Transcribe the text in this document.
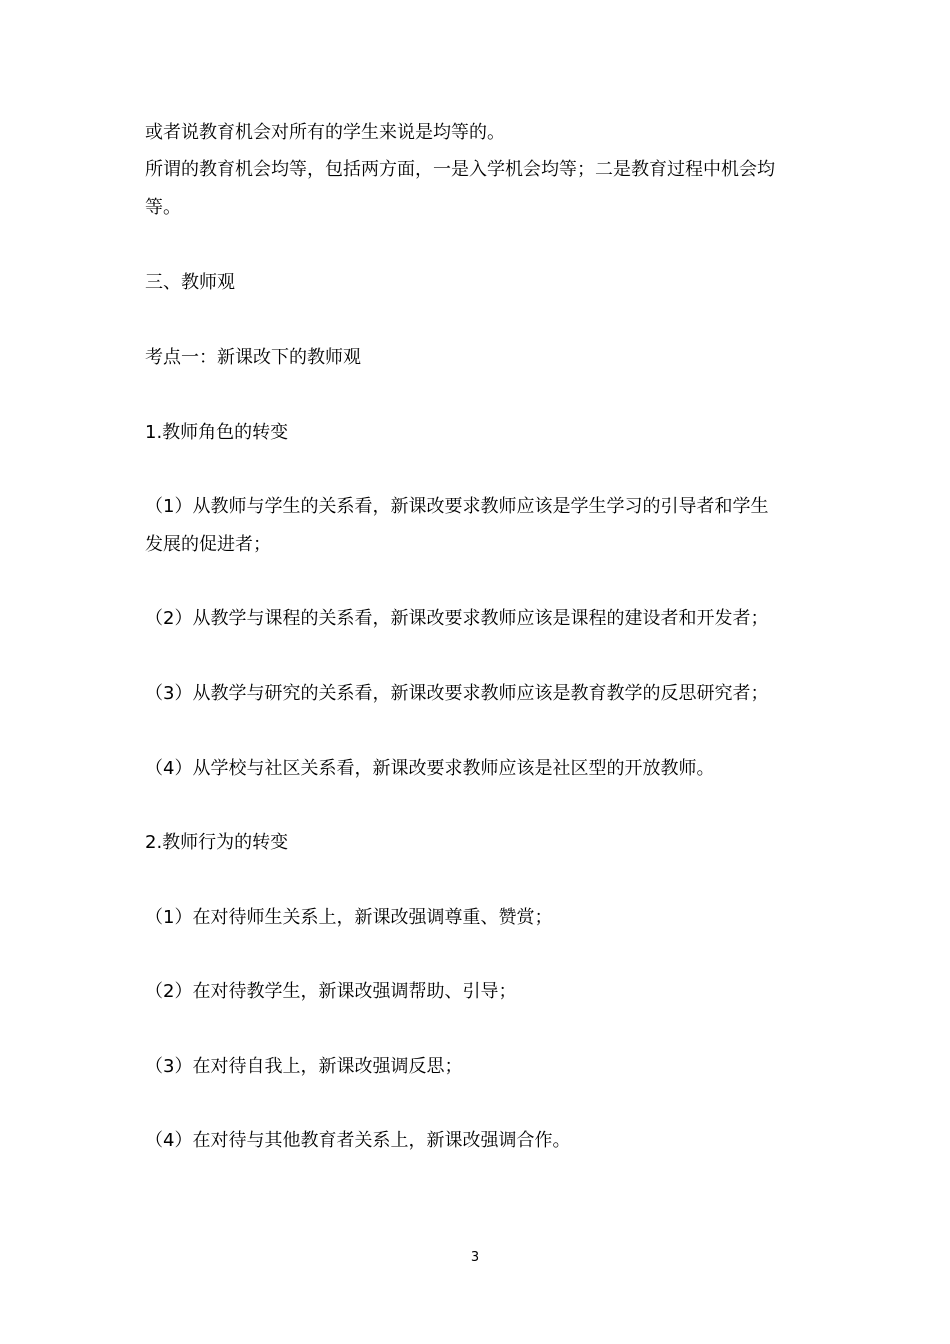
或者说教育机会对所有的学生来说是均等的。
所谓的教育机会均等，包括两方面，一是入学机会均等；二是教育过程中机会均
等。
三、教师观
考点一：新课改下的教师观
1.教师角色的转变
（1）从教师与学生的关系看，新课改要求教师应该是学生学习的引导者和学生
发展的促进者；
（2）从教学与课程的关系看，新课改要求教师应该是课程的建设者和开发者；
（3）从教学与研究的关系看，新课改要求教师应该是教育教学的反思研究者；
（4）从学校与社区关系看，新课改要求教师应该是社区型的开放教师。
2.教师行为的转变
（1）在对待师生关系上，新课改强调尊重、赞赏；
（2）在对待教学生，新课改强调帮助、引导；
（3）在对待自我上，新课改强调反思；
（4）在对待与其他教育者关系上，新课改强调合作。
3
